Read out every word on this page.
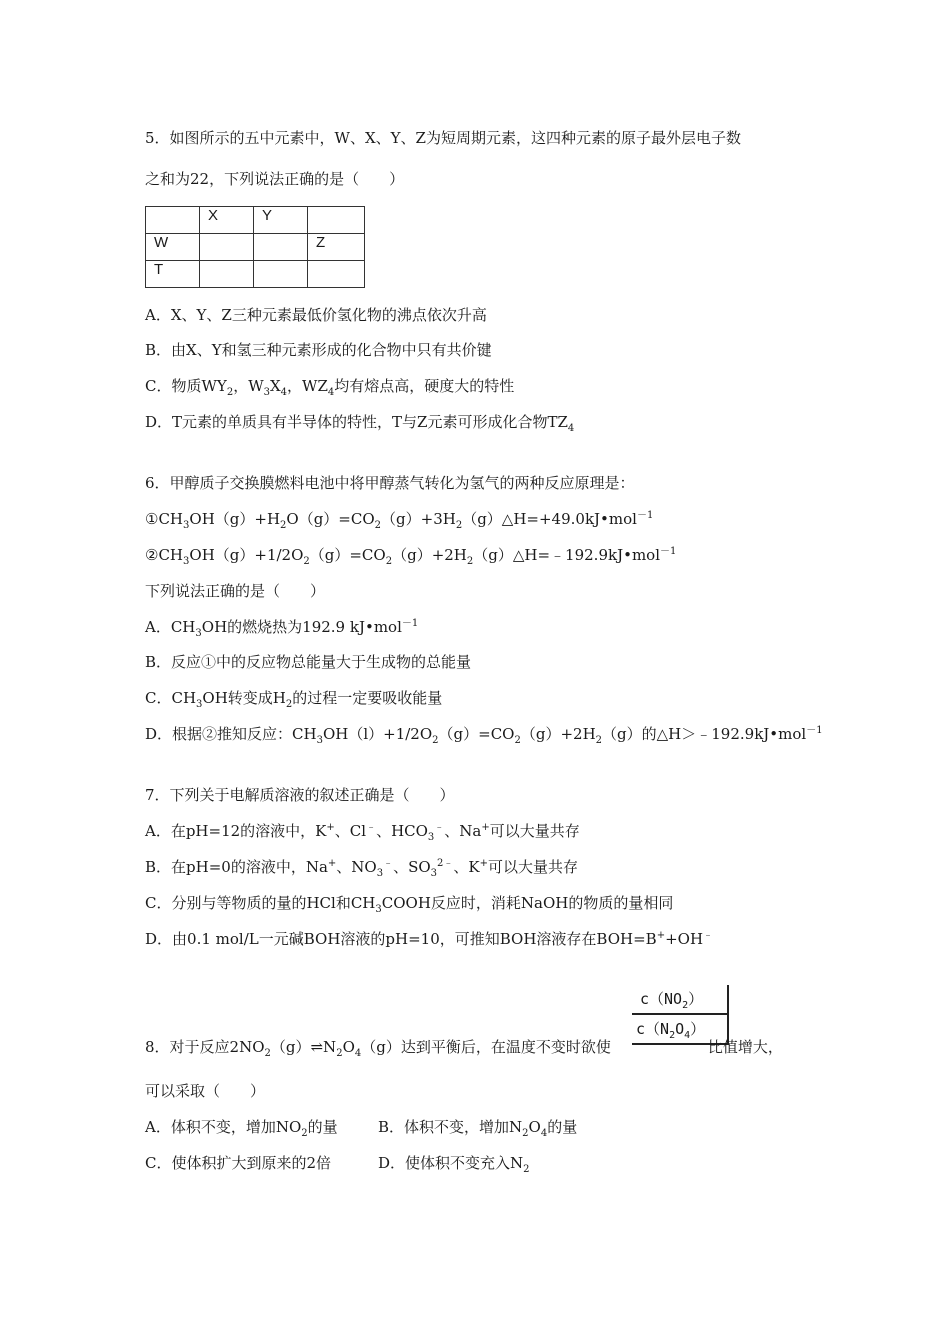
5．如图所示的五中元素中，W、X、Y、Z为短周期元素，这四种元素的原子最外层电子数
之和为22，下列说法正确的是（　　）
	X	Y	
W			Z
T			
A．X、Y、Z三种元素最低价氢化物的沸点依次升高
B．由X、Y和氢三种元素形成的化合物中只有共价键
C．物质$WY_2$，$W_3X_4$，$WZ_4$均有熔点高，硬度大的特性
D．T元素的单质具有半导体的特性，T与Z元素可形成化合物$TZ_4$
6．甲醇质子交换膜燃料电池中将甲醇蒸气转化为氢气的两种反应原理是：
$①CH_3OH(g)+H_2O(g)=CO_2(g)+3H_2(g)\triangle H=+49.0kJ•mol^{-1}$
$②CH_3OH(g)+1/2O_2(g)=CO_2(g)+2H_2(g)\triangle H=﹣192.9kJ•mol^{-1}$
下列说法正确的是（　　）
A．$CH_3OH$的燃烧热为192.9 kJ•mol$^{-1}$
B．反应①中的反应物总能量大于生成物的总能量
C．$CH_3OH$转变成$H_2$的过程一定要吸收能量
D．根据②推知反应：$CH_3OH(l)+1/2O_2(g)=CO_2(g)+2H_2(g)$的△H＞﹣192.9kJ•mol$^{-1}$
7．下列关于电解质溶液的叙述正确是（　　）
A．在pH=12的溶液中，K+、Cl﹣、$HCO_3^﹣$、Na+可以大量共存
B．在pH=0的溶液中，Na+、$NO_3^﹣$、$SO_3^{2﹣}$、K+可以大量共存
C．分别与等物质的量的HCl和$CH_3COOH$反应时，消耗NaOH的物质的量相同
D．由0.1 mol/L一元碱BOH溶液的pH=10，可推知BOH溶液存在BOH=B++OH﹣
$c(NO_2)$
$c(N_2O_4)$
8．对于反应$2NO_2(g)\rightleftharpoons N_2O_4(g)$达到平衡后，在温度不变时欲使	比值增大，
可以采取（　　）
A．体积不变，增加$NO_2$的量	B．体积不变，增加$N_2O_4$的量
C．使体积扩大到原来的2倍	D．使体积不变充入$N_2$
